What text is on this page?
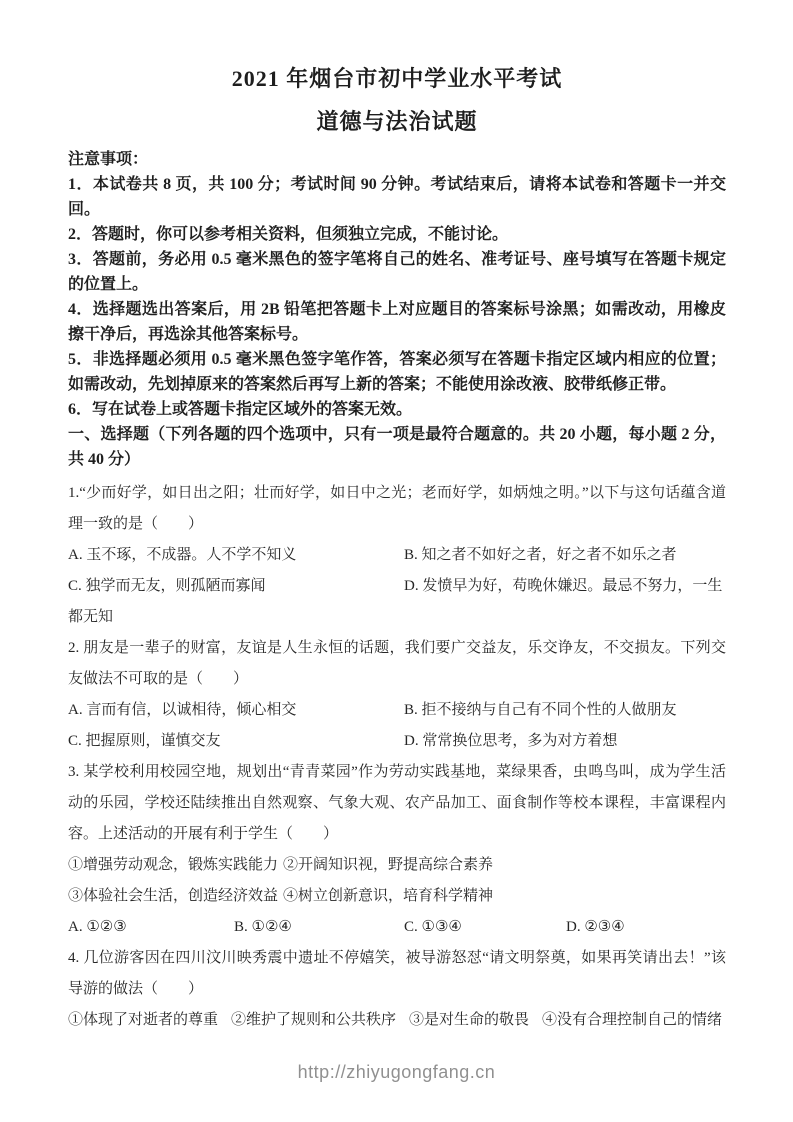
2021 年烟台市初中学业水平考试
道德与法治试题

注意事项：

1．本试卷共 8 页，共 100 分；考试时间 90 分钟。考试结束后，请将本试卷和答题卡一并交回。

2．答题时，你可以参考相关资料，但须独立完成，不能讨论。

3．答题前，务必用 0.5 毫米黑色的签字笔将自己的姓名、准考证号、座号填写在答题卡规定的位置上。

4．选择题选出答案后，用 2B 铅笔把答题卡上对应题目的答案标号涂黑；如需改动，用橡皮擦干净后，再选涂其他答案标号。

5．非选择题必须用 0.5 毫米黑色签字笔作答，答案必须写在答题卡指定区域内相应的位置；如需改动，先划掉原来的答案然后再写上新的答案；不能使用涂改液、胶带纸修正带。

6．写在试卷上或答题卡指定区域外的答案无效。

一、选择题（下列各题的四个选项中，只有一项是最符合题意的。共 20 小题，每小题 2 分，共 40 分）

1.“少而好学，如日出之阳；壮而好学，如日中之光；老而好学，如炳烛之明。”以下与这句话蕴含道理一致的是（　　）

A. 玉不琢，不成器。人不学不知义	B. 知之者不如好之者，好之者不如乐之者
C. 独学而无友，则孤陋而寡闻	D. 发愤早为好，苟晚休嫌迟。最忌不努力，一生都无知

2. 朋友是一辈子的财富，友谊是人生永恒的话题，我们要广交益友，乐交诤友，不交损友。下列交友做法不可取的是（　　）

A. 言而有信，以诚相待，倾心相交	B. 拒不接纳与自己有不同个性的人做朋友
C. 把握原则，谨慎交友	D. 常常换位思考，多为对方着想

3. 某学校利用校园空地，规划出“青青菜园”作为劳动实践基地，菜绿果香，虫鸣鸟叫，成为学生活动的乐园，学校还陆续推出自然观察、气象大观、农产品加工、面食制作等校本课程，丰富课程内容。上述活动的开展有利于学生（　　）

①增强劳动观念，锻炼实践能力 ②开阔知识视，野提高综合素养
③体验社会生活，创造经济效益 ④树立创新意识，培育科学精神
A. ①②③	B. ①②④	C. ①③④	D. ②③④

4. 几位游客因在四川汶川映秀震中遗址不停嬉笑，被导游怒怼“请文明祭奠，如果再笑请出去！”该导游的做法（　　）

①体现了对逝者的尊重 ②维护了规则和公共秩序 ③是对生命的敬畏 ④没有合理控制自己的情绪
http://zhiyugongfang.cn
